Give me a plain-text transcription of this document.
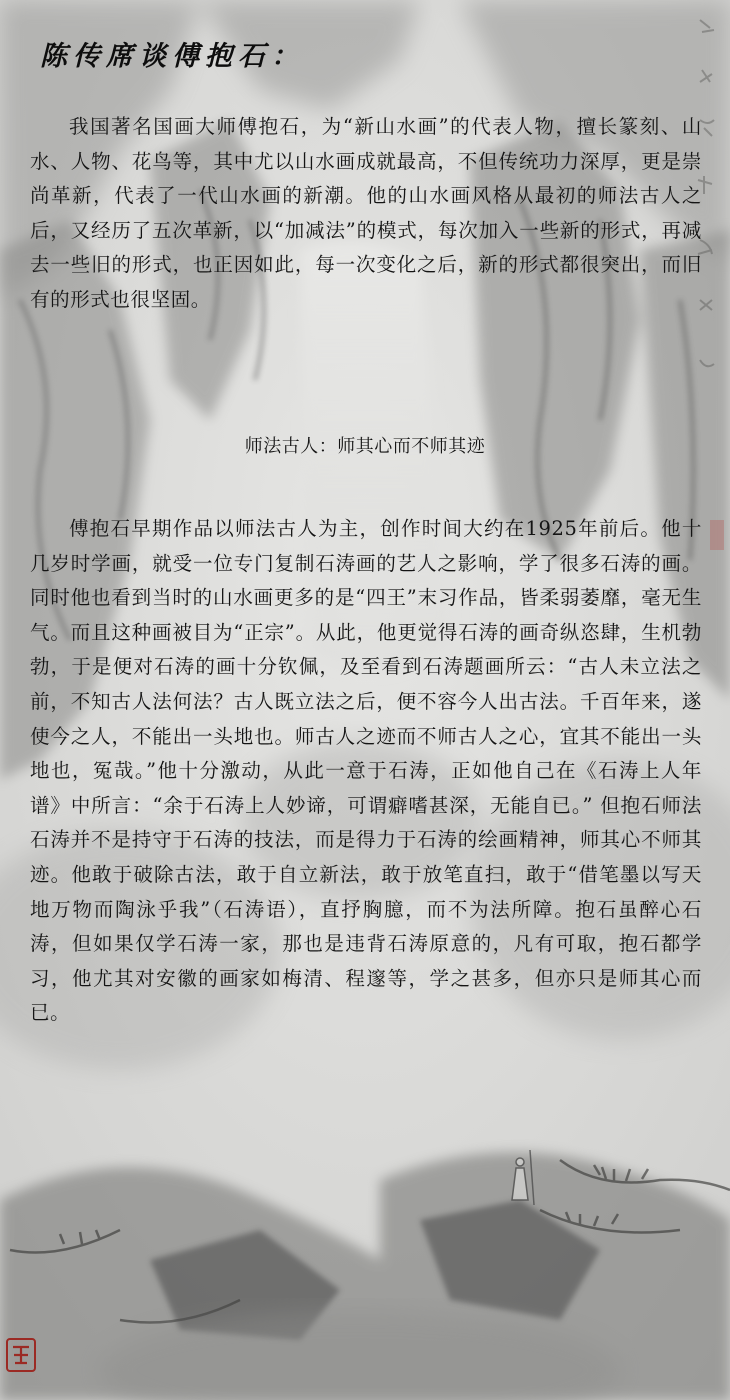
陈传席谈傅抱石：
我国著名国画大师傅抱石，为“新山水画”的代表人物，擅长篆刻、山水、人物、花鸟等，其中尤以山水画成就最高，不但传统功力深厚，更是崇尚革新，代表了一代山水画的新潮。他的山水画风格从最初的师法古人之后，又经历了五次革新，以“加减法”的模式，每次加入一些新的形式，再减去一些旧的形式，也正因如此，每一次变化之后，新的形式都很突出，而旧有的形式也很坚固。
师法古人：师其心而不师其迹
傅抱石早期作品以师法古人为主，创作时间大约在1925年前后。他十几岁时学画，就受一位专门复制石涛画的艺人之影响，学了很多石涛的画。同时他也看到当时的山水画更多的是“四王”末习作品，皆柔弱萎靡，毫无生气。而且这种画被目为“正宗”。从此，他更觉得石涛的画奇纵恣肆，生机勃勃，于是便对石涛的画十分钦佩，及至看到石涛题画所云：“古人未立法之前，不知古人法何法？古人既立法之后，便不容今人出古法。千百年来，遂使今之人，不能出一头地也。师古人之迹而不师古人之心，宜其不能出一头地也，冤哉。”他十分激动，从此一意于石涛，正如他自己在《石涛上人年谱》中所言：“余于石涛上人妙谛，可谓癖嗜甚深，无能自已。” 但抱石师法石涛并不是持守于石涛的技法，而是得力于石涛的绘画精神，师其心不师其迹。他敢于破除古法，敢于自立新法，敢于放笔直扫，敢于“借笔墨以写天地万物而陶泳乎我”（石涛语），直抒胸臆，而不为法所障。抱石虽醉心石涛，但如果仅学石涛一家，那也是违背石涛原意的，凡有可取，抱石都学习，他尤其对安徽的画家如梅清、程邃等，学之甚多，但亦只是师其心而已。
